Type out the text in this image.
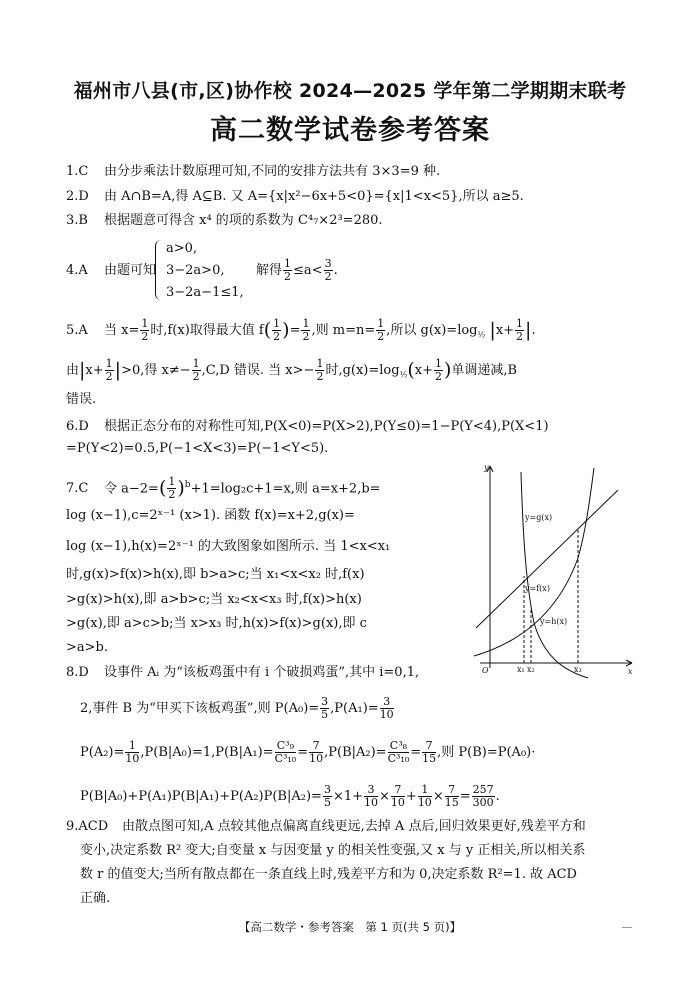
福州市八县(市,区)协作校 2024—2025 学年第二学期期末联考
高二数学试卷参考答案
1.C 由分步乘法计数原理可知,不同的安排方法共有 3×3=9 种.
2.D 由 A∩B=A,得 A⊆B. 又 A={x|x²−6x+5<0}={x|1<x<5},所以 a≥5.
3.B 根据题意可得含 x⁴ 的项的系数为 C⁴₇×2³=280.
4.A 由题可知
a>0,
3−2a>0,
3−2a−1≤1,
解得 $\frac{1}{2} \le a< \frac{3}{2}$ .
5.A 当 $x= \frac{1}{2}$ 时,f(x)取得最大值 $f( \frac{1}{2}$ )= $\frac{1}{2}$ ,则 $m=n= \frac{1}{2}$ ,所以 $g(x)=\log_{\frac{1}{2}}$ $|x+ \frac{1}{2}$ |.
由$|x+ \frac{1}{2} |>0$,得 $x\ne- \frac{1}{2} ,C,D$ 错误. 当 $x>- \frac{1}{2}$ 时$,g(x)=\log_{\frac{1}{2}}(x+ \frac{1}{2}$ )单调递减,B
错误.
6.D 根据正态分布的对称性可知,P(X<0)=P(X>2),P(Y≤0)=1−P(Y<4),P(X<1)
=P(Y<2)=0.5,P(−1<X<3)=P(−1<Y<5).
7.C 令 $a-2=( \frac{1}{2} )^b+1=\log_2c+1=x$,则 a=x+2,b=
log (x−1),c=2ˣ⁻¹ (x>1). 函数 f(x)=x+2,g(x)=
log (x−1),h(x)=2ˣ⁻¹ 的大致图象如图所示. 当 1<x<x₁
时,g(x)>f(x)>h(x),即 b>a>c;当 x₁<x<x₂ 时,f(x)
>g(x)>h(x),即 a>b>c;当 x₂<x<x₃ 时,f(x)>h(x)
>g(x),即 a>c>b;当 x>x₃ 时,h(x)>f(x)>g(x),即 c
>a>b.
y
x
O
y=g(x)
y=f(x)
y=h(x)
x₁ x₂	x₃
8.D 设事件 Aᵢ 为“该板鸡蛋中有 i 个破损鸡蛋”,其中 i=0,1,
2,事件 B 为“甲买下该板鸡蛋”,则 $P(A_0)= \frac{3}{5} ,P(A_1)= \frac{3}{10}$
$P(A_2)= \frac{1}{10} ,P(B|A_0)=1,P(B|A_1)= \frac{\text{C³₉}}{\text{C³₁₀}} = \frac{7}{10} ,P(B|A_2)= \frac{\text{C³₈}}{\text{C³₁₀}} = \frac{7}{15}$ ,则 P(B)=P(A₀)·
$P(B|A_0)+P(A_1)P(B|A_1)+P(A_2)P(B|A_2)= \frac{3}{5} \times 1+ \frac{3}{10} \times \frac{7}{10} + \frac{1}{10} \times \frac{7}{15} = \frac{257}{300}$ .
9.ACD 由散点图可知,A 点较其他点偏离直线更远,去掉 A 点后,回归效果更好,残差平方和
变小,决定系数 R² 变大;自变量 x 与因变量 y 的相关性变强,又 x 与 y 正相关,所以相关系
数 r 的值变大;当所有散点都在一条直线上时,残差平方和为 0,决定系数 R²=1. 故 ACD
正确.
【高二数学・参考答案　第 1 页(共 5 页)】
